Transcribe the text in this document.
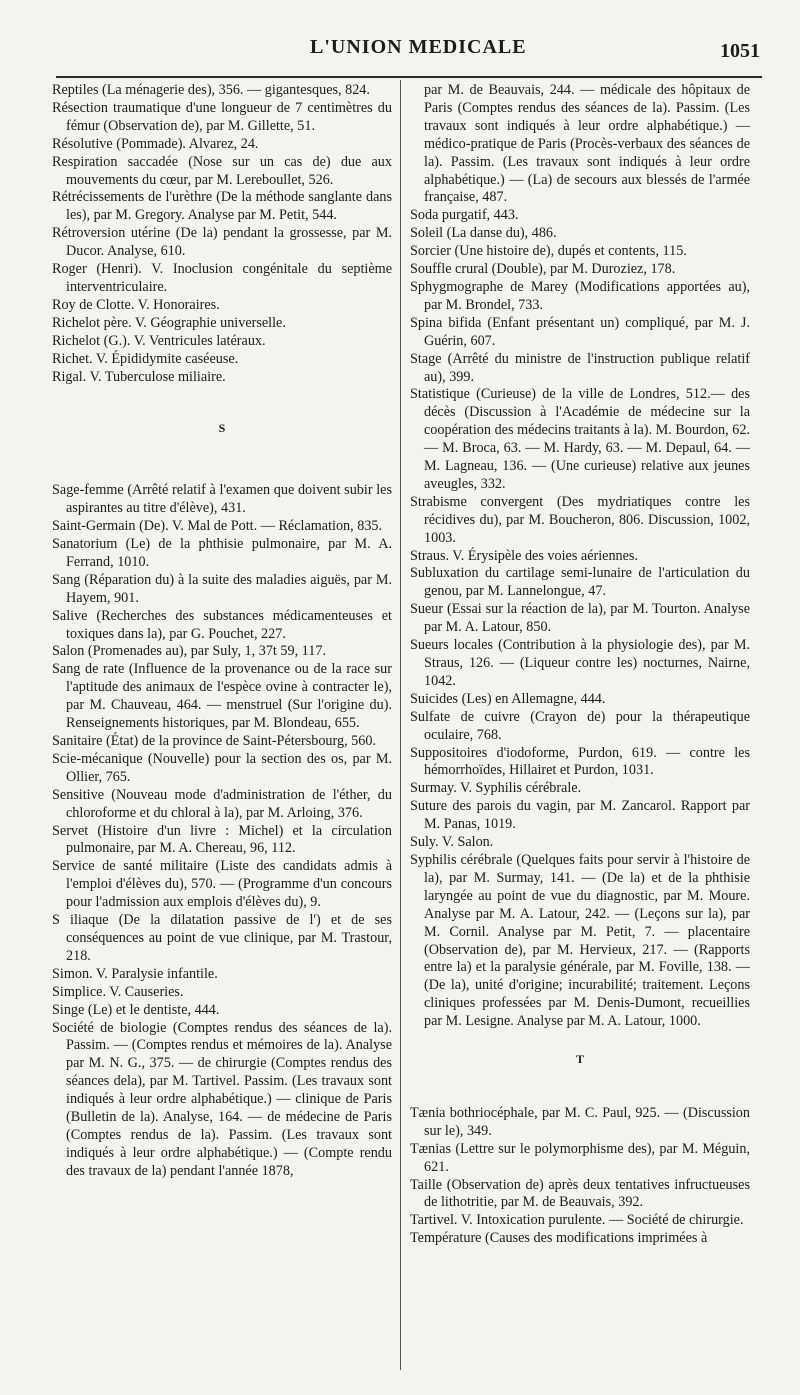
L'UNION MEDICALE	1051

Reptiles (La ménagerie des), 356. — gigantesques, 824.

Résection traumatique d'une longueur de 7 centimètres du fémur (Observation de), par M. Gillette, 51.

Résolutive (Pommade). Alvarez, 24.

Respiration saccadée (Nose sur un cas de) due aux mouvements du cœur, par M. Lereboullet, 526.

Rétrécissements de l'urèthre (De la méthode sanglante dans les), par M. Gregory. Analyse par M. Petit, 544.

Rétroversion utérine (De la) pendant la grossesse, par M. Ducor. Analyse, 610.

Roger (Henri). V. Inoclusion congénitale du septième interventriculaire.

Roy de Clotte. V. Honoraires.

Richelot père. V. Géographie universelle.

Richelot (G.). V. Ventricules latéraux.

Richet. V. Épididymite caséeuse.

Rigal. V. Tuberculose miliaire.

S

Sage-femme (Arrêté relatif à l'examen que doivent subir les aspirantes au titre d'élève), 431.

Saint-Germain (De). V. Mal de Pott. — Réclamation, 835.

Sanatorium (Le) de la phthisie pulmonaire, par M. A. Ferrand, 1010.

Sang (Réparation du) à la suite des maladies aiguës, par M. Hayem, 901.

Salive (Recherches des substances médicamenteuses et toxiques dans la), par G. Pouchet, 227.

Salon (Promenades au), par Suly, 1, 37t 59, 117.

Sang de rate (Influence de la provenance ou de la race sur l'aptitude des animaux de l'espèce ovine à contracter le), par M. Chauveau, 464. — menstruel (Sur l'origine du). Renseignements historiques, par M. Blondeau, 655.

Sanitaire (État) de la province de Saint-Pétersbourg, 560.

Scie-mécanique (Nouvelle) pour la section des os, par M. Ollier, 765.

Sensitive (Nouveau mode d'administration de l'éther, du chloroforme et du chloral à la), par M. Arloing, 376.

Servet (Histoire d'un livre : Michel) et la circulation pulmonaire, par M. A. Chereau, 96, 112.

Service de santé militaire (Liste des candidats admis à l'emploi d'élèves du), 570. — (Programme d'un concours pour l'admission aux emplois d'élèves du), 9.

S iliaque (De la dilatation passive de l') et de ses conséquences au point de vue clinique, par M. Trastour, 218.

Simon. V. Paralysie infantile.

Simplice. V. Causeries.

Singe (Le) et le dentiste, 444.

Société de biologie (Comptes rendus des séances de la). Passim. — (Comptes rendus et mémoires de la). Analyse par M. N. G., 375. — de chirurgie (Comptes rendus des séances dela), par M. Tartivel. Passim. (Les travaux sont indiqués à leur ordre alphabétique.) — clinique de Paris (Bulletin de la). Analyse, 164. — de médecine de Paris (Comptes rendus de la). Passim. (Les travaux sont indiqués à leur ordre alphabétique.) — (Compte rendu des travaux de la) pendant l'année 1878,

par M. de Beauvais, 244. — médicale des hôpitaux de Paris (Comptes rendus des séances de la). Passim. (Les travaux sont indiqués à leur ordre alphabétique.) — médico-pratique de Paris (Procès-verbaux des séances de la). Passim. (Les travaux sont indiqués à leur ordre alphabétique.) — (La) de secours aux blessés de l'armée française, 487.

Soda purgatif, 443.

Soleil (La danse du), 486.

Sorcier (Une histoire de), dupés et contents, 115.

Souffle crural (Double), par M. Duroziez, 178.

Sphygmographe de Marey (Modifications apportées au), par M. Brondel, 733.

Spina bifida (Enfant présentant un) compliqué, par M. J. Guérin, 607.

Stage (Arrêté du ministre de l'instruction publique relatif au), 399.

Statistique (Curieuse) de la ville de Londres, 512.— des décès (Discussion à l'Académie de médecine sur la coopération des médecins traitants à la). M. Bourdon, 62. — M. Broca, 63. — M. Hardy, 63. — M. Depaul, 64. — M. Lagneau, 136. — (Une curieuse) relative aux jeunes aveugles, 332.

Strabisme convergent (Des mydriatiques contre les récidives du), par M. Boucheron, 806. Discussion, 1002, 1003.

Straus. V. Érysipèle des voies aériennes.

Subluxation du cartilage semi-lunaire de l'articulation du genou, par M. Lannelongue, 47.

Sueur (Essai sur la réaction de la), par M. Tourton. Analyse par M. A. Latour, 850.

Sueurs locales (Contribution à la physiologie des), par M. Straus, 126. — (Liqueur contre les) nocturnes, Nairne, 1042.

Suicides (Les) en Allemagne, 444.

Sulfate de cuivre (Crayon de) pour la thérapeutique oculaire, 768.

Suppositoires d'iodoforme, Purdon, 619. — contre les hémorrhoïdes, Hillairet et Purdon, 1031.

Surmay. V. Syphilis cérébrale.

Suture des parois du vagin, par M. Zancarol. Rapport par M. Panas, 1019.

Suly. V. Salon.

Syphilis cérébrale (Quelques faits pour servir à l'histoire de la), par M. Surmay, 141. — (De la) et de la phthisie laryngée au point de vue du diagnostic, par M. Moure. Analyse par M. A. Latour, 242. — (Leçons sur la), par M. Cornil. Analyse par M. Petit, 7. — placentaire (Observation de), par M. Hervieux, 217. — (Rapports entre la) et la paralysie générale, par M. Foville, 138. — (De la), unité d'origine; incurabilité; traitement. Leçons cliniques professées par M. Denis-Dumont, recueillies par M. Lesigne. Analyse par M. A. Latour, 1000.

T

Tænia bothriocéphale, par M. C. Paul, 925. — (Discussion sur le), 349.

Tænias (Lettre sur le polymorphisme des), par M. Méguin, 621.

Taille (Observation de) après deux tentatives infructueuses de lithotritie, par M. de Beauvais, 392.

Tartivel. V. Intoxication purulente. — Société de chirurgie.

Température (Causes des modifications imprimées à
